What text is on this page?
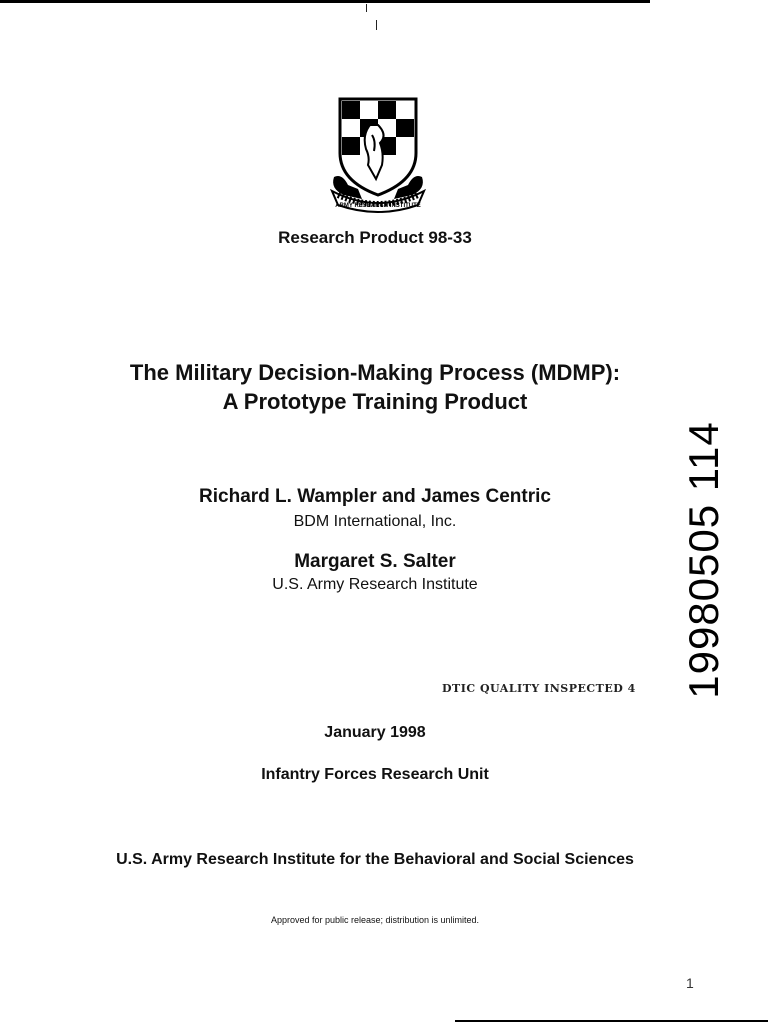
ARMY RESEARCH INSTITUTE
Research Product 98-33
The Military Decision-Making Process (MDMP):
A Prototype Training Product
Richard L. Wampler and James Centric
BDM International, Inc.
Margaret S. Salter
U.S. Army Research Institute
DTIC QUALITY INSPECTED 4
January 1998
Infantry Forces Research Unit
U.S. Army Research Institute for the Behavioral and Social Sciences
Approved for public release; distribution is unlimited.
19980505 114
1
